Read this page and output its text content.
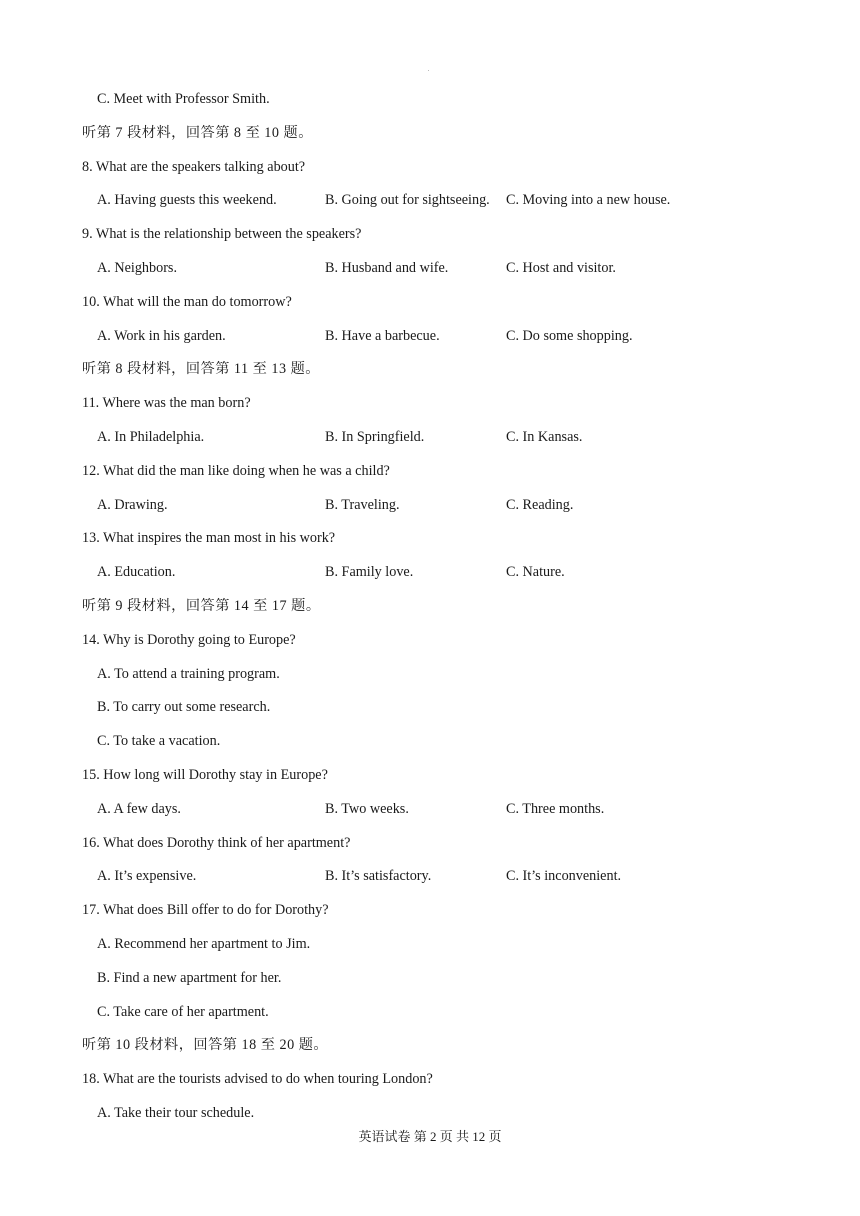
C. Meet with Professor Smith.
听第 7 段材料，回答第 8 至 10 题。
8. What are the speakers talking about?
A. Having guests this weekend.	B. Going out for sightseeing. C. Moving into a new house.
9. What is the relationship between the speakers?
A. Neighbors.	B. Husband and wife.	C. Host and visitor.
10. What will the man do tomorrow?
A. Work in his garden.	B. Have a barbecue.	C. Do some shopping.
听第 8 段材料，回答第 11 至 13 题。
11. Where was the man born?
A. In Philadelphia.	B. In Springfield.	C. In Kansas.
12. What did the man like doing when he was a child?
A. Drawing.	B. Traveling.	C. Reading.
13. What inspires the man most in his work?
A. Education.	B. Family love.	C. Nature.
听第 9 段材料，回答第 14 至 17 题。
14. Why is Dorothy going to Europe?
A. To attend a training program.
B. To carry out some research.
C. To take a vacation.
15. How long will Dorothy stay in Europe?
A. A few days.	B. Two weeks.	C. Three months.
16. What does Dorothy think of her apartment?
A. It’s expensive.	B. It’s satisfactory.	C. It’s inconvenient.
17. What does Bill offer to do for Dorothy?
A. Recommend her apartment to Jim.
B. Find a new apartment for her.
C. Take care of her apartment.
听第 10 段材料，回答第 18 至 20 题。
18. What are the tourists advised to do when touring London?
A. Take their tour schedule.
英语试卷 第 2 页 共 12 页
